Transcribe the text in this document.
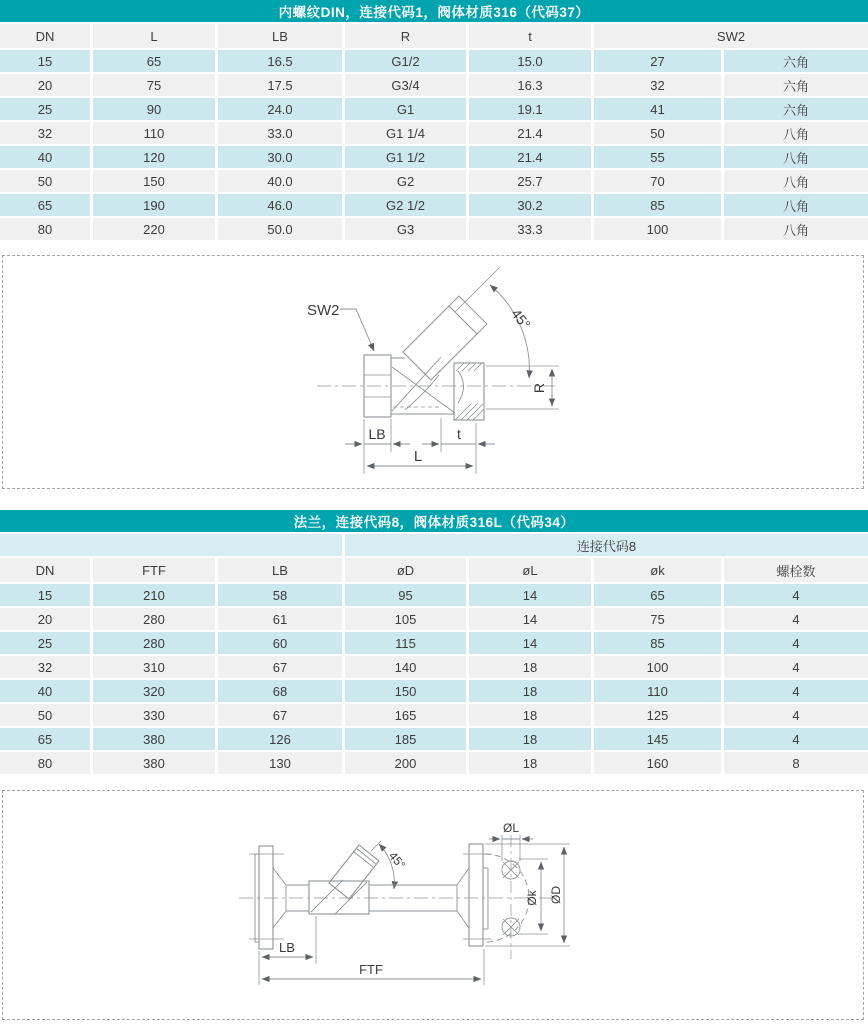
内螺纹DIN，连接代码1，阀体材质316（代码37）
DN	L	LB	R	t	SW2
15	65	16.5	G1/2	15.0	27	六角
20	75	17.5	G3/4	16.3	32	六角
25	90	24.0	G1	19.1	41	六角
32	110	33.0	G1 1/4	21.4	50	八角
40	120	30.0	G1 1/2	21.4	55	八角
50	150	40.0	G2	25.7	70	八角
65	190	46.0	G2 1/2	30.2	85	八角
80	220	50.0	G3	33.3	100	八角
SW2	45°
R
LB	t
L
法兰，连接代码8，阀体材质316L（代码34）
连接代码8
DN	FTF	LB	øD	øL	øk	螺栓数
15	210	58	95	14	65	4
20	280	61	105	14	75	4
25	280	60	115	14	85	4
32	310	67	140	18	100	4
40	320	68	150	18	110	4
50	330	67	165	18	125	4
65	380	126	185	18	145	4
80	380	130	200	18	160	8
45°
ØL
Øk ØD
LB
FTF
